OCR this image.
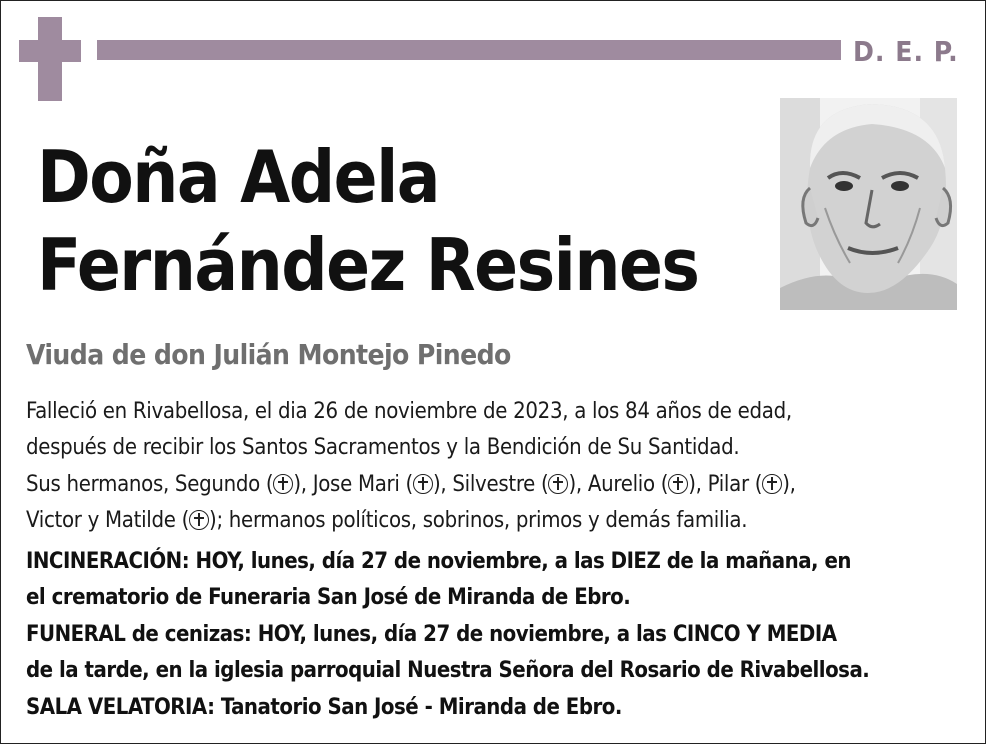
D. E. P.
Doña Adela
Fernández Resines
Viuda de don Julián Montejo Pinedo
Falleció en Rivabellosa, el dia 26 de noviembre de 2023, a los 84 años de edad,
después de recibir los Santos Sacramentos y la Bendición de Su Santidad.
Sus hermanos, Segundo ( ), Jose Mari ( ), Silvestre ( ), Aurelio ( ), Pilar ( ),
Victor y Matilde ( ); hermanos políticos, sobrinos, primos y demás familia.
INCINERACIÓN: HOY, lunes, día 27 de noviembre, a las DIEZ de la mañana, en
el crematorio de Funeraria San José de Miranda de Ebro.
FUNERAL de cenizas: HOY, lunes, día 27 de noviembre, a las CINCO Y MEDIA
de la tarde, en la iglesia parroquial Nuestra Señora del Rosario de Rivabellosa.
SALA VELATORIA: Tanatorio San José - Miranda de Ebro.
